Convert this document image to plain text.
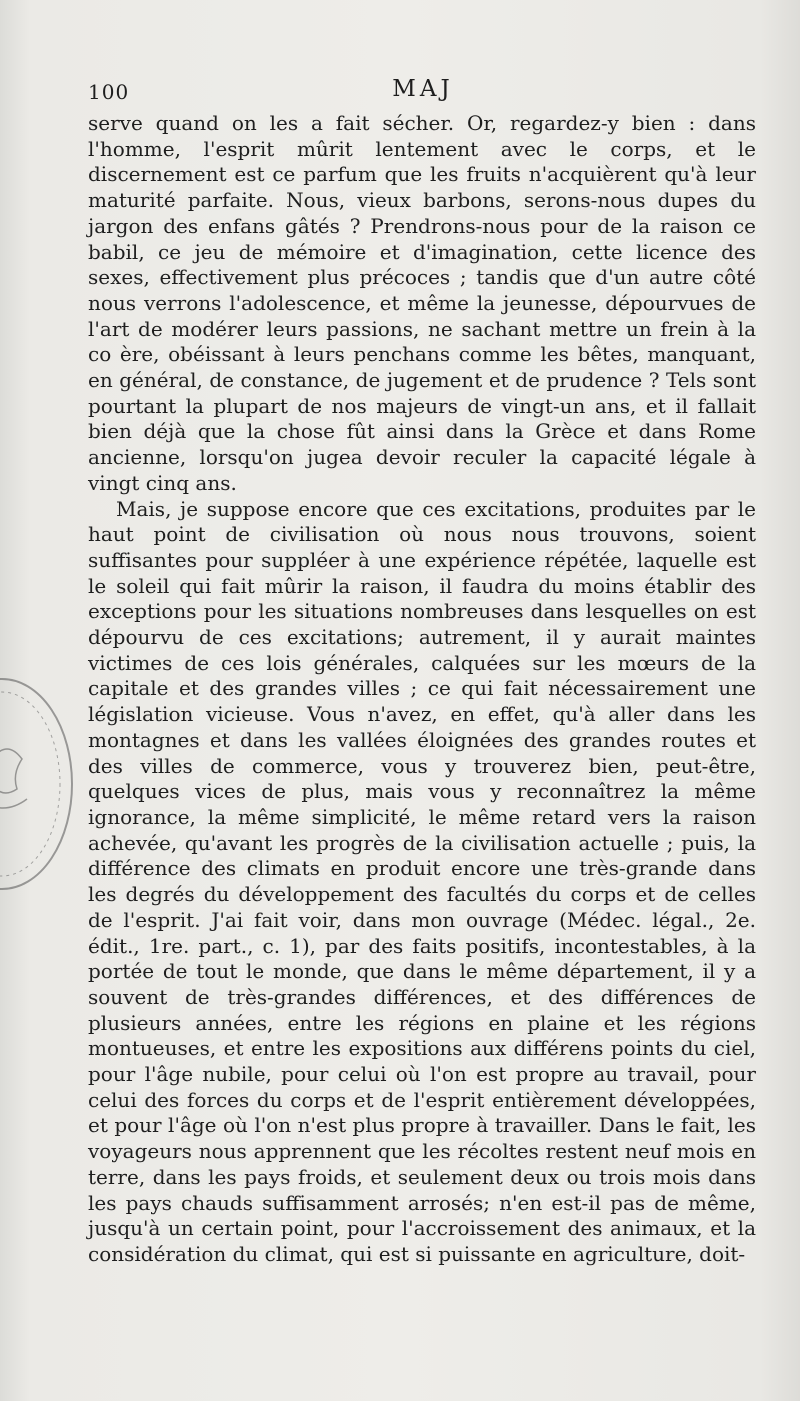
100	MAJ

serve quand on les a fait sécher. Or, regardez-y bien : dans l'homme, l'esprit mûrit lentement avec le corps, et le discernement est ce parfum que les fruits n'acquièrent qu'à leur maturité parfaite. Nous, vieux barbons, serons-nous dupes du jargon des enfans gâtés ? Prendrons-nous pour de la raison ce babil, ce jeu de mémoire et d'imagination, cette licence des sexes, effectivement plus précoces ; tandis que d'un autre côté nous verrons l'adolescence, et même la jeunesse, dépourvues de l'art de modérer leurs passions, ne sachant mettre un frein à la co ère, obéissant à leurs penchans comme les bêtes, manquant, en général, de constance, de jugement et de prudence ? Tels sont pourtant la plupart de nos majeurs de vingt-un ans, et il fallait bien déjà que la chose fût ainsi dans la Grèce et dans Rome ancienne, lorsqu'on jugea devoir reculer la capacité légale à vingt cinq ans.

Mais, je suppose encore que ces excitations, produites par le haut point de civilisation où nous nous trouvons, soient suffisantes pour suppléer à une expérience répétée, laquelle est le soleil qui fait mûrir la raison, il faudra du moins établir des exceptions pour les situations nombreuses dans lesquelles on est dépourvu de ces excitations; autrement, il y aurait maintes victimes de ces lois générales, calquées sur les mœurs de la capitale et des grandes villes ; ce qui fait nécessairement une législation vicieuse. Vous n'avez, en effet, qu'à aller dans les montagnes et dans les vallées éloignées des grandes routes et des villes de commerce, vous y trouverez bien, peut-être, quelques vices de plus, mais vous y reconnaîtrez la même ignorance, la même simplicité, le même retard vers la raison achevée, qu'avant les progrès de la civilisation actuelle ; puis, la différence des climats en produit encore une très-grande dans les degrés du développement des facultés du corps et de celles de l'esprit. J'ai fait voir, dans mon ouvrage (Médec. légal., 2e. édit., 1re. part., c. 1), par des faits positifs, incontestables, à la portée de tout le monde, que dans le même département, il y a souvent de très-grandes différences, et des différences de plusieurs années, entre les régions en plaine et les régions montueuses, et entre les expositions aux différens points du ciel, pour l'âge nubile, pour celui où l'on est propre au travail, pour celui des forces du corps et de l'esprit entièrement développées, et pour l'âge où l'on n'est plus propre à travailler. Dans le fait, les voyageurs nous apprennent que les récoltes restent neuf mois en terre, dans les pays froids, et seulement deux ou trois mois dans les pays chauds suffisamment arrosés; n'en est-il pas de même, jusqu'à un certain point, pour l'accroissement des animaux, et la considération du climat, qui est si puissante en agriculture, doit-
